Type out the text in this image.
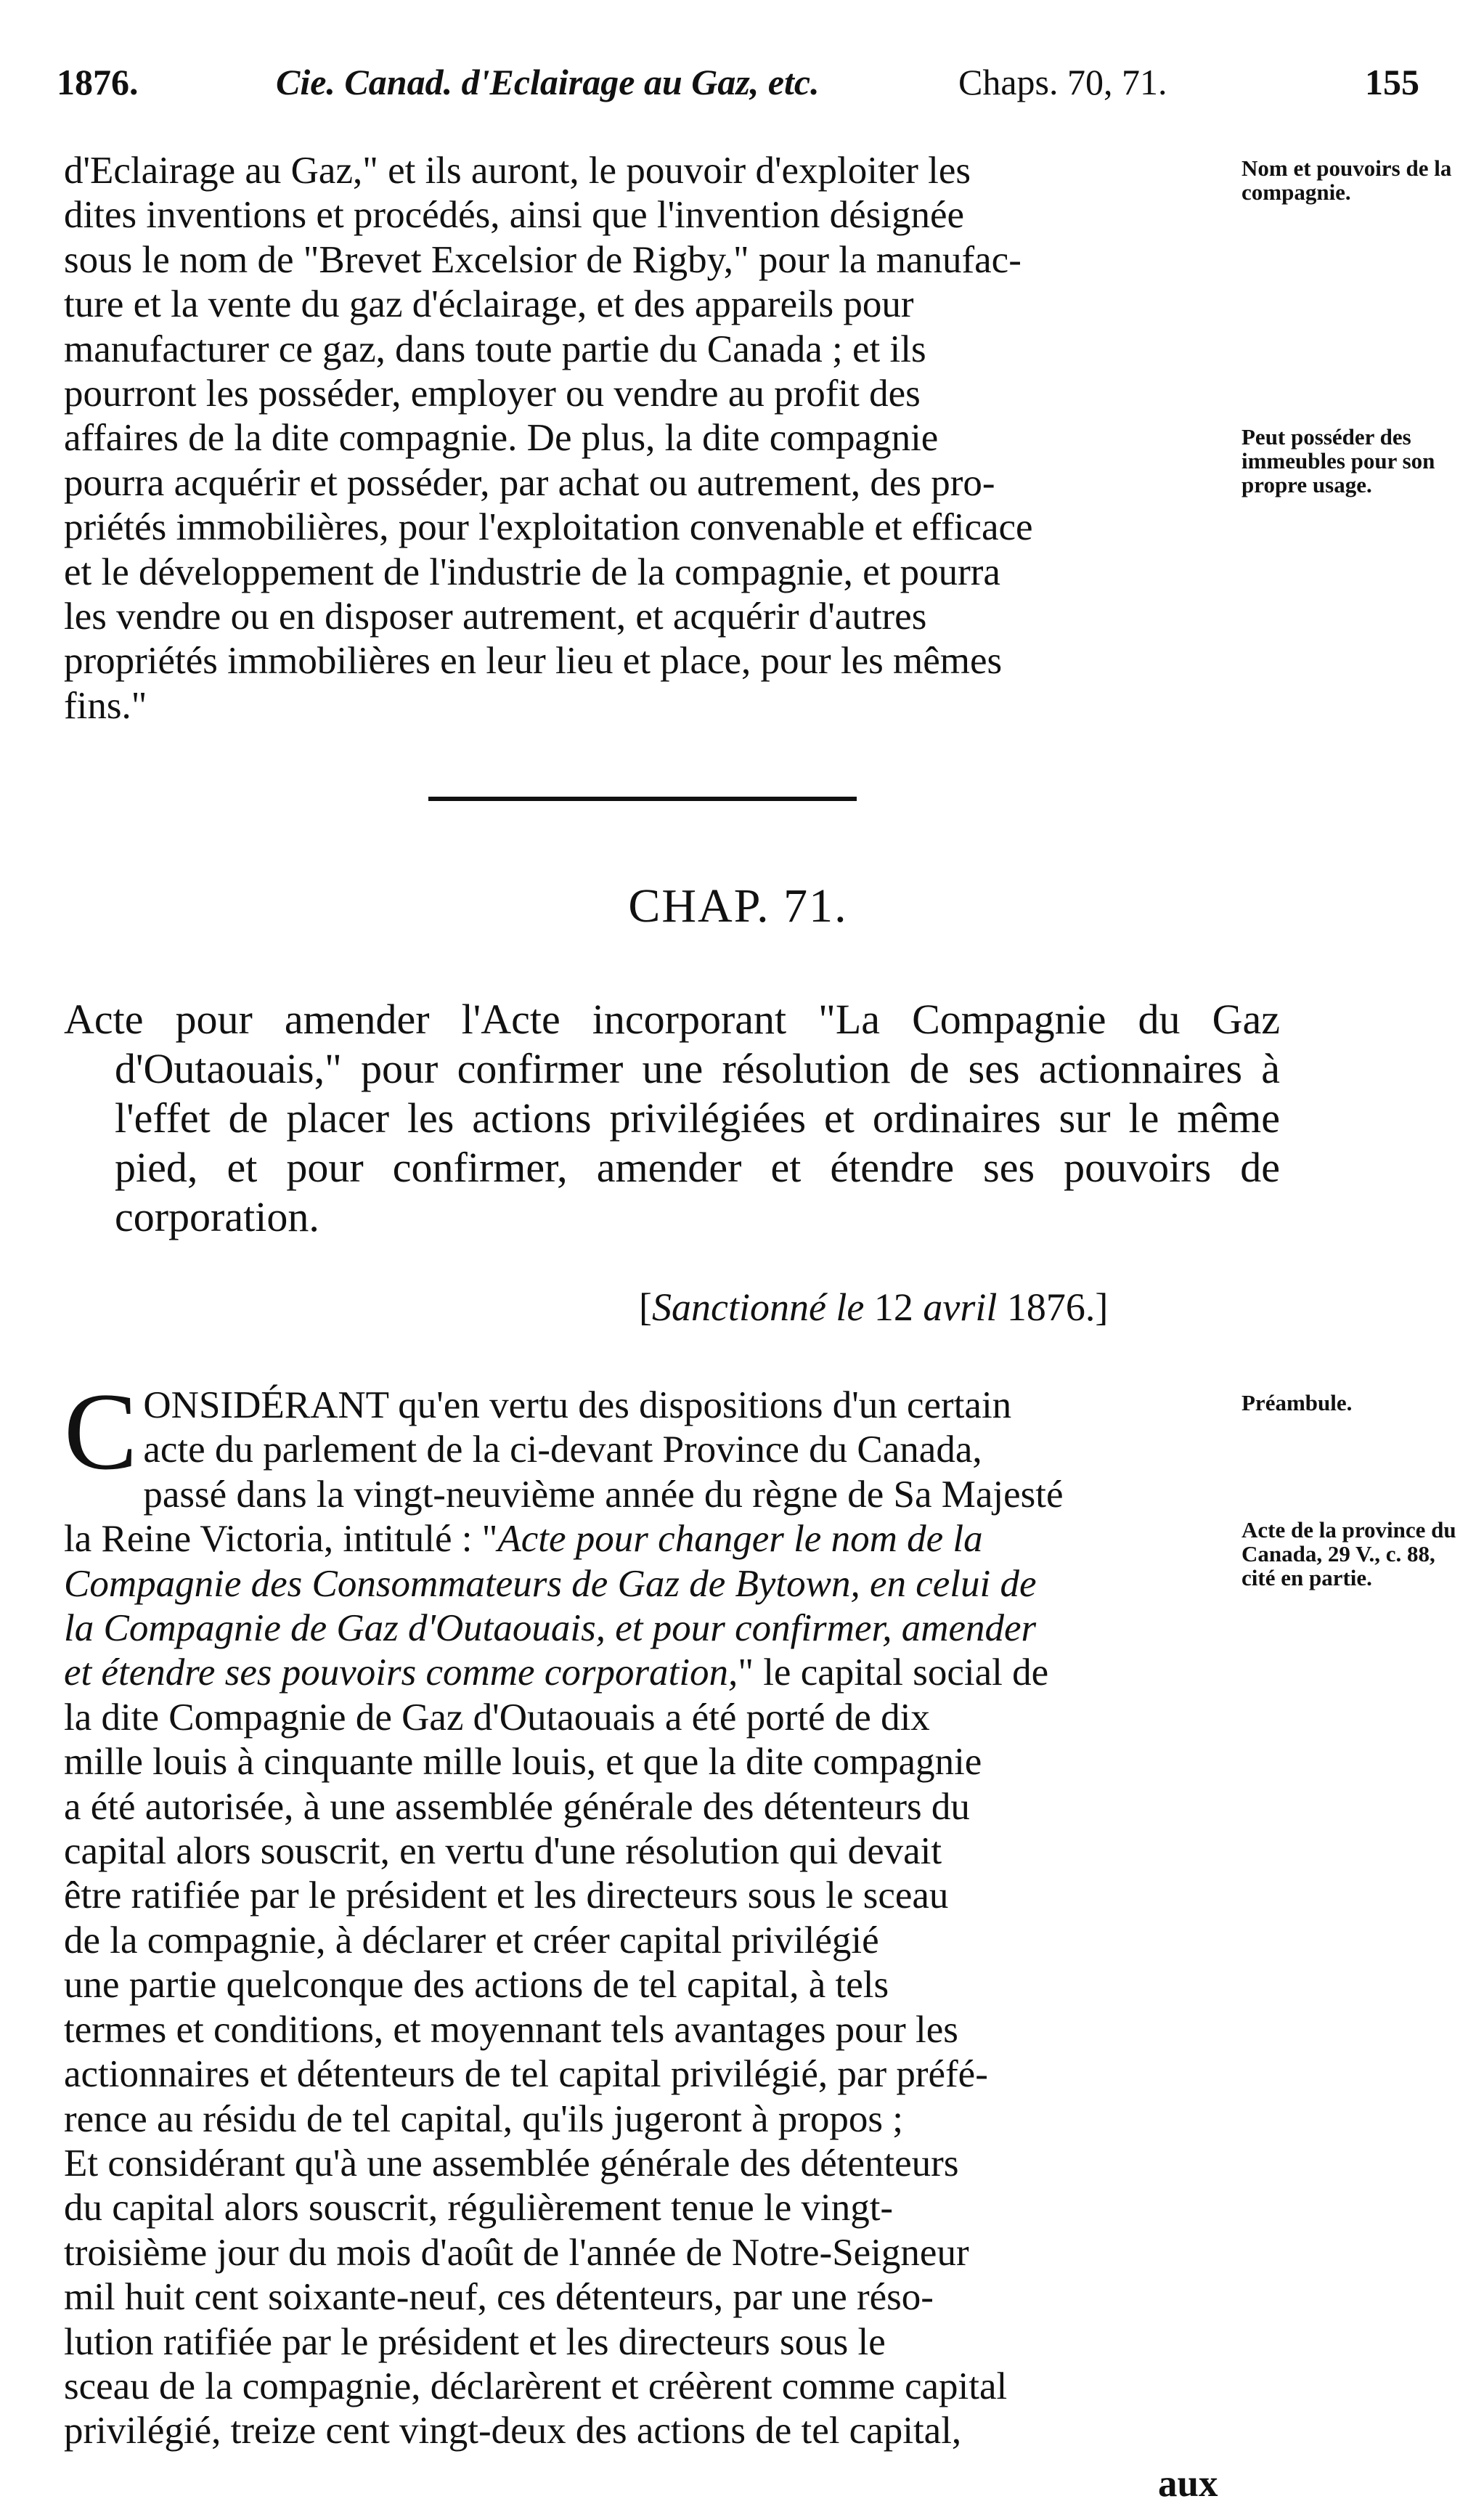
1876.	Cie. Canad. d'Eclairage au Gaz, etc.	Chaps. 70, 71.	155

d'Eclairage au Gaz," et ils auront, le pouvoir d'exploiter les

dites inventions et procédés, ainsi que l'invention désignée

sous le nom de "Brevet Excelsior de Rigby," pour la manufac-

ture et la vente du gaz d'éclairage, et des appareils pour

manufacturer ce gaz, dans toute partie du Canada ; et ils

pourront les posséder, employer ou vendre au profit des

affaires de la dite compagnie. De plus, la dite compagnie

pourra acquérir et posséder, par achat ou autrement, des pro-

priétés immobilières, pour l'exploitation convenable et efficace

et le développement de l'industrie de la compagnie, et pourra

les vendre ou en disposer autrement, et acquérir d'autres

propriétés immobilières en leur lieu et place, pour les mêmes

fins."

Nom et pouvoirs de la compagnie.
Peut posséder des immeubles pour son propre usage.
CHAP. 71.
Acte pour amender l'Acte incorporant "La Compagnie du Gaz d'Outaouais," pour confirmer une résolution de ses actionnaires à l'effet de placer les actions privilégiées et ordinaires sur le même pied, et pour confirmer, amender et étendre ses pouvoirs de corporation.
[Sanctionné le 12 avril 1876.]

CONSIDÉRANT qu'en vertu des dispositions d'un certain

acte du parlement de la ci-devant Province du Canada,

passé dans la vingt-neuvième année du règne de Sa Majesté

la Reine Victoria, intitulé : "Acte pour changer le nom de la

Compagnie des Consommateurs de Gaz de Bytown, en celui de

la Compagnie de Gaz d'Outaouais, et pour confirmer, amender

et étendre ses pouvoirs comme corporation," le capital social de

la dite Compagnie de Gaz d'Outaouais a été porté de dix

mille louis à cinquante mille louis, et que la dite compagnie

a été autorisée, à une assemblée générale des détenteurs du

capital alors souscrit, en vertu d'une résolution qui devait

être ratifiée par le président et les directeurs sous le sceau

de la compagnie, à déclarer et créer capital privilégié

une partie quelconque des actions de tel capital, à tels

termes et conditions, et moyennant tels avantages pour les

actionnaires et détenteurs de tel capital privilégié, par préfé-

rence au résidu de tel capital, qu'ils jugeront à propos ;

Et considérant qu'à une assemblée générale des détenteurs

du capital alors souscrit, régulièrement tenue le vingt-

troisième jour du mois d'août de l'année de Notre-Seigneur

mil huit cent soixante-neuf, ces détenteurs, par une réso-

lution ratifiée par le président et les directeurs sous le

sceau de la compagnie, déclarèrent et créèrent comme capital

privilégié, treize cent vingt-deux des actions de tel capital,

Préambule.
Acte de la province du Canada, 29 V., c. 88, cité en partie.
aux
